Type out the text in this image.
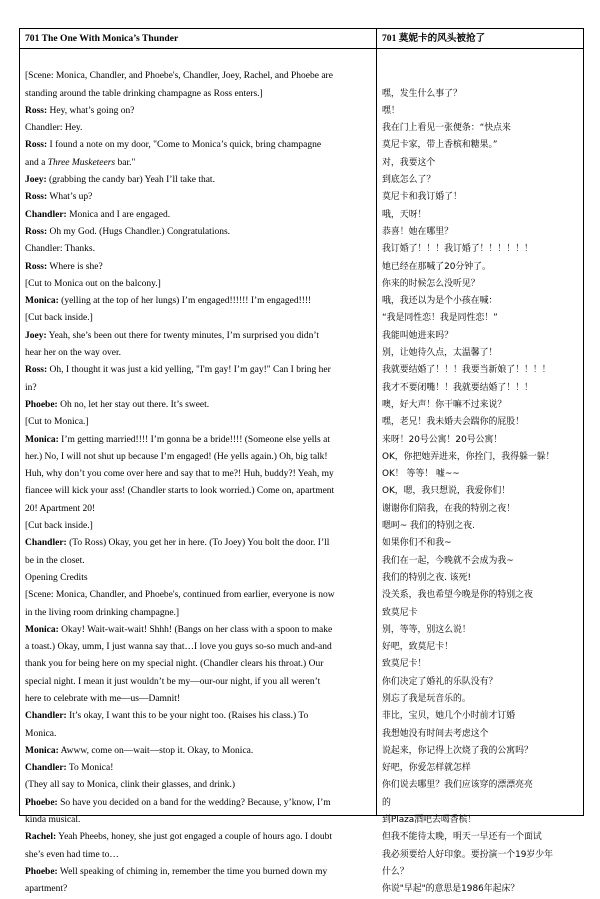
701 The One With Monica’s Thunder
[Scene: Monica, Chandler, and Phoebe's, Chandler, Joey, Rachel, and Phoebe are
standing around the table drinking champagne as Ross enters.]
Ross: Hey, what’s going on?
Chandler: Hey.
Ross: I found a note on my door, "Come to Monica’s quick, bring champagne
and a Three Musketeers bar."
Joey: (grabbing the candy bar) Yeah I’ll take that.
Ross: What’s up?
Chandler: Monica and I are engaged.
Ross: Oh my God. (Hugs Chandler.) Congratulations.
Chandler: Thanks.
Ross: Where is she?
[Cut to Monica out on the balcony.]
Monica: (yelling at the top of her lungs) I’m engaged!!!!!! I’m engaged!!!!
[Cut back inside.]
Joey: Yeah, she’s been out there for twenty minutes, I’m surprised you didn’t
hear her on the way over.
Ross: Oh, I thought it was just a kid yelling, "I'm gay! I’m gay!" Can I bring her
in?
Phoebe: Oh no, let her stay out there. It’s sweet.
[Cut to Monica.]
Monica: I’m getting married!!!! I’m gonna be a bride!!!! (Someone else yells at
her.) No, I will not shut up because I’m engaged! (He yells again.) Oh, big talk!
Huh, why don’t you come over here and say that to me?! Huh, buddy?! Yeah, my
fiancee will kick your ass! (Chandler starts to look worried.) Come on, apartment
20! Apartment 20!
[Cut back inside.]
Chandler: (To Ross) Okay, you get her in here. (To Joey) You bolt the door. I’ll
be in the closet.
Opening Credits
[Scene: Monica, Chandler, and Phoebe's, continued from earlier, everyone is now
in the living room drinking champagne.]
Monica: Okay! Wait-wait-wait! Shhh! (Bangs on her class with a spoon to make
a toast.) Okay, umm, I just wanna say that…I love you guys so-so much and-and
thank you for being here on my special night. (Chandler clears his throat.) Our
special night. I mean it just wouldn’t be my—our-our night, if you all weren’t
here to celebrate with me—us—Damnit!
Chandler: It’s okay, I want this to be your night too. (Raises his class.) To
Monica.
Monica: Awww, come on—wait—stop it. Okay, to Monica.
Chandler: To Monica!
(They all say to Monica, clink their glasses, and drink.)
Phoebe: So have you decided on a band for the wedding? Because, y’know, I’m
kinda musical.
Rachel: Yeah Pheebs, honey, she just got engaged a couple of hours ago. I doubt
she’s even had time to…
Phoebe: Well speaking of chiming in, remember the time you burned down my
apartment?
701 莫妮卡的风头被抢了
嘿，发生什么事了？
嘿！
我在门上看见一张便条：“快点来
莫尼卡家，带上香槟和糖果。”
对，我要这个
到底怎么了？
莫尼卡和我订婚了！
哦，天呀！
恭喜！她在哪里？
我订婚了！！！我订婚了！！！！！！
她已经在那喊了20分钟了。
你来的时候怎么没听见？
哦，我还以为是个小孩在喊：
“我是同性恋！我是同性恋！”
我能叫她进来吗？
别，让她待久点，太温馨了！
我就要结婚了！！！我要当新娘了！！！！
我才不要闭嘴！！我就要结婚了！！！
噢，好大声！你干嘛不过来说？
嘿，老兄！我未婚夫会踹你的屁股！
来呀！20号公寓！20号公寓！
OK，你把她弄进来，你拴门，我得躲一躲！
OK！ 等等！ 嘘~~
OK，嗯，我只想说，我爱你们！
谢谢你们陪我，在我的特别之夜！
嗯呵~ 我们的特别之夜.
如果你们不和我~
我们在一起，今晚就不会成为我~
我们的特别之夜. 该死!
没关系，我也希望今晚是你的特别之夜
致莫尼卡
别，等等，别这么说！
好吧，致莫尼卡！
致莫尼卡！
你们决定了婚礼的乐队没有？
别忘了我是玩音乐的。
菲比，宝贝，她几个小时前才订婚
我想她没有时间去考虑这个
说起来，你记得上次烧了我的公寓吗？
好吧，你爱怎样就怎样
你们说去哪里？我们应该穿的漂漂亮亮
的
到Plaza酒吧去喝香槟！
但我不能待太晚，明天一早还有一个面试
我必须要给人好印象。要扮演一个19岁少年
什么？
你说"早起"的意思是1986年起床？
